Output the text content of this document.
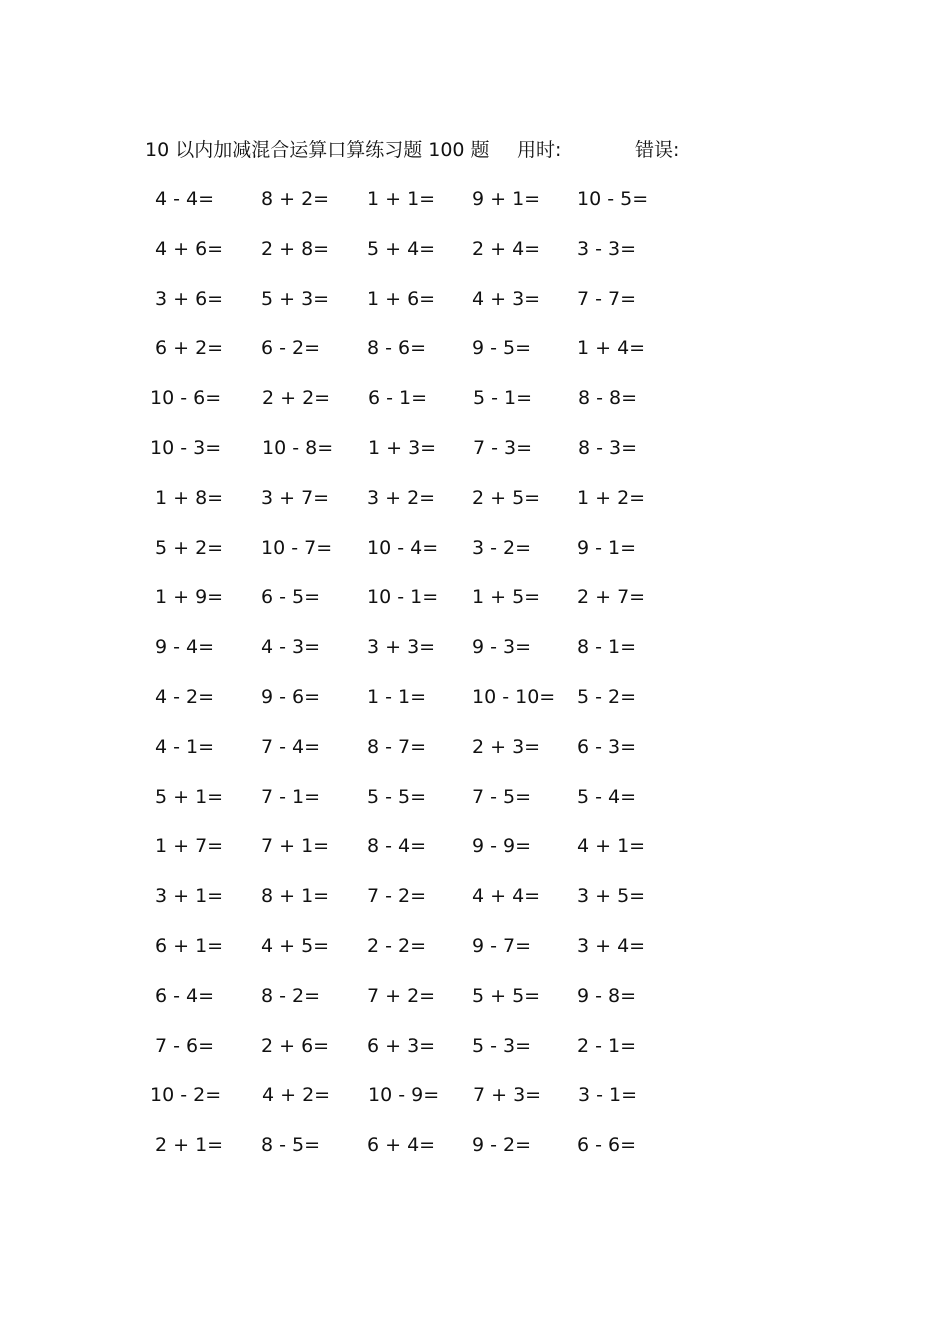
10 以内加减混合运算口算练习题 100 题 用时:	错误:
4 - 4= 8 + 2= 1 + 1= 9 + 1= 10 - 5=
4 + 6= 2 + 8= 5 + 4= 2 + 4= 3 - 3=
3 + 6= 5 + 3= 1 + 6= 4 + 3= 7 - 7=
6 + 2= 6 - 2= 8 - 6= 9 - 5= 1 + 4=
10 - 6= 2 + 2= 6 - 1= 5 - 1= 8 - 8=
10 - 3= 10 - 8= 1 + 3= 7 - 3= 8 - 3=
1 + 8= 3 + 7= 3 + 2= 2 + 5= 1 + 2=
5 + 2= 10 - 7= 10 - 4= 3 - 2= 9 - 1=
1 + 9= 6 - 5= 10 - 1= 1 + 5= 2 + 7=
9 - 4= 4 - 3= 3 + 3= 9 - 3= 8 - 1=
4 - 2= 9 - 6= 1 - 1= 10 - 10= 5 - 2=
4 - 1= 7 - 4= 8 - 7= 2 + 3= 6 - 3=
5 + 1= 7 - 1= 5 - 5= 7 - 5= 5 - 4=
1 + 7= 7 + 1= 8 - 4= 9 - 9= 4 + 1=
3 + 1= 8 + 1= 7 - 2= 4 + 4= 3 + 5=
6 + 1= 4 + 5= 2 - 2= 9 - 7= 3 + 4=
6 - 4= 8 - 2= 7 + 2= 5 + 5= 9 - 8=
7 - 6= 2 + 6= 6 + 3= 5 - 3= 2 - 1=
10 - 2= 4 + 2= 10 - 9= 7 + 3= 3 - 1=
2 + 1= 8 - 5= 6 + 4= 9 - 2= 6 - 6=
